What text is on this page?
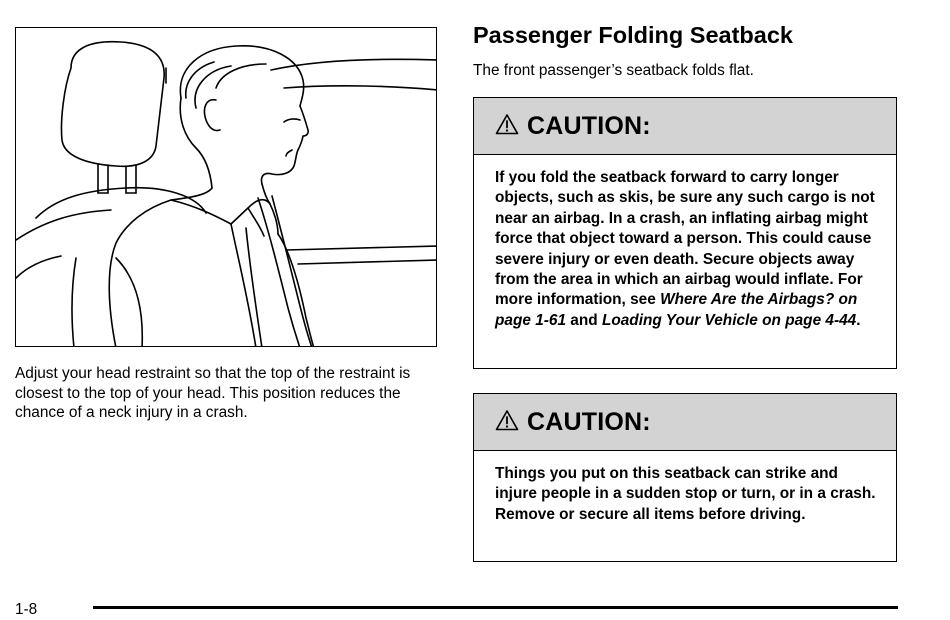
Adjust your head restraint so that the top of the restraint is closest to the top of your head. This position reduces the chance of a neck injury in a crash.
Passenger Folding Seatback

The front passenger’s seatback folds flat.

CAUTION:
If you fold the seatback forward to carry longer objects, such as skis, be sure any such cargo is not near an airbag. In a crash, an inflating airbag might force that object toward a person. This could cause severe injury or even death. Secure objects away from the area in which an airbag would inflate. For more information, see Where Are the Airbags? on page 1-61 and Loading Your Vehicle on page 4-44.
CAUTION:
Things you put on this seatback can strike and injure people in a sudden stop or turn, or in a crash. Remove or secure all items before driving.
1-8
